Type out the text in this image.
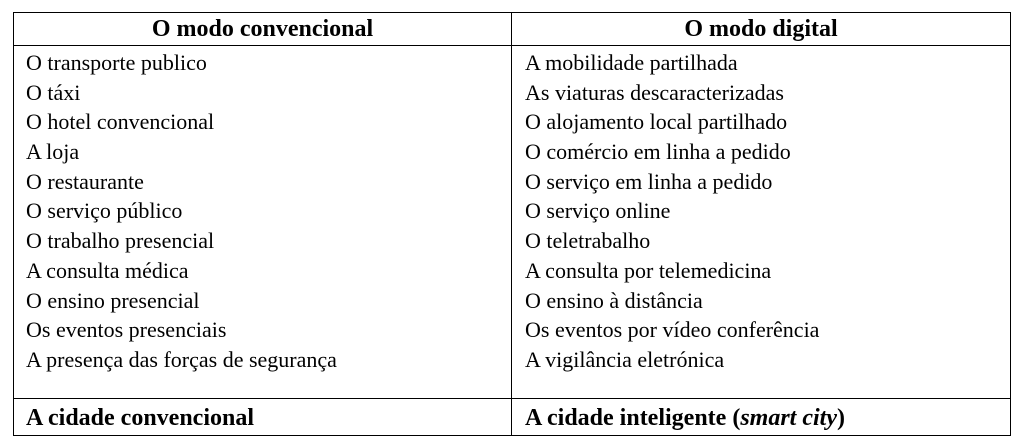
O modo convencional	O modo digital
O transporte publico
O táxi
O hotel convencional
A loja
O restaurante
O serviço público
O trabalho presencial
A consulta médica
O ensino presencial
Os eventos presenciais
A presença das forças de segurança
A mobilidade partilhada
As viaturas descaracterizadas
O alojamento local partilhado
O comércio em linha a pedido
O serviço em linha a pedido
O serviço online
O teletrabalho
A consulta por telemedicina
O ensino à distância
Os eventos por vídeo conferência
A vigilância eletrónica
A cidade convencional	A cidade inteligente (smart city)
